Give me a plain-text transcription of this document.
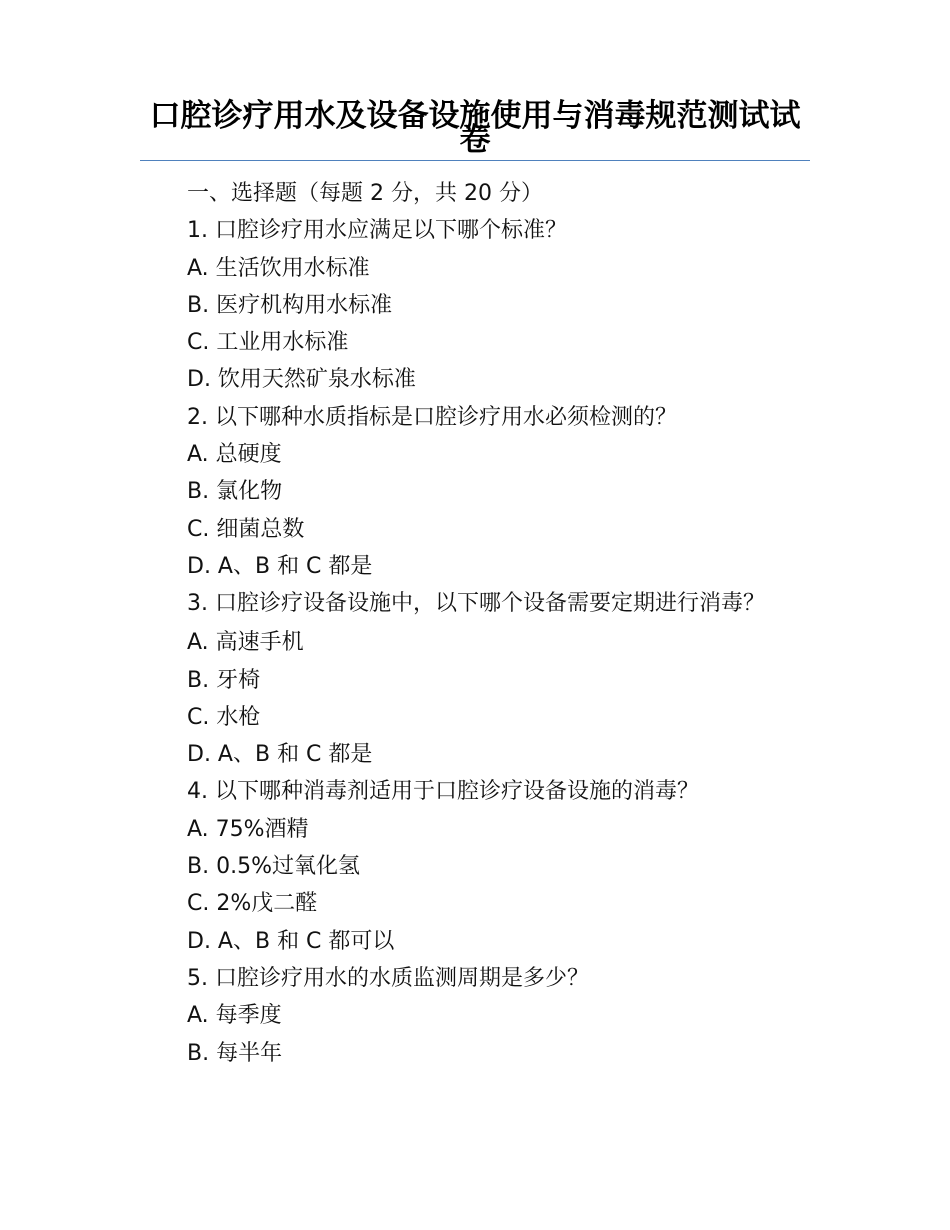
口腔诊疗用水及设备设施使用与消毒规范测试试卷
一、选择题（每题 2 分，共 20 分）
1. 口腔诊疗用水应满足以下哪个标准？
A. 生活饮用水标准
B. 医疗机构用水标准
C. 工业用水标准
D. 饮用天然矿泉水标准
2. 以下哪种水质指标是口腔诊疗用水必须检测的？
A. 总硬度
B. 氯化物
C. 细菌总数
D. A、B 和 C 都是
3. 口腔诊疗设备设施中，以下哪个设备需要定期进行消毒？
A. 高速手机
B. 牙椅
C. 水枪
D. A、B 和 C 都是
4. 以下哪种消毒剂适用于口腔诊疗设备设施的消毒？
A. 75%酒精
B. 0.5%过氧化氢
C. 2%戊二醛
D. A、B 和 C 都可以
5. 口腔诊疗用水的水质监测周期是多少？
A. 每季度
B. 每半年
